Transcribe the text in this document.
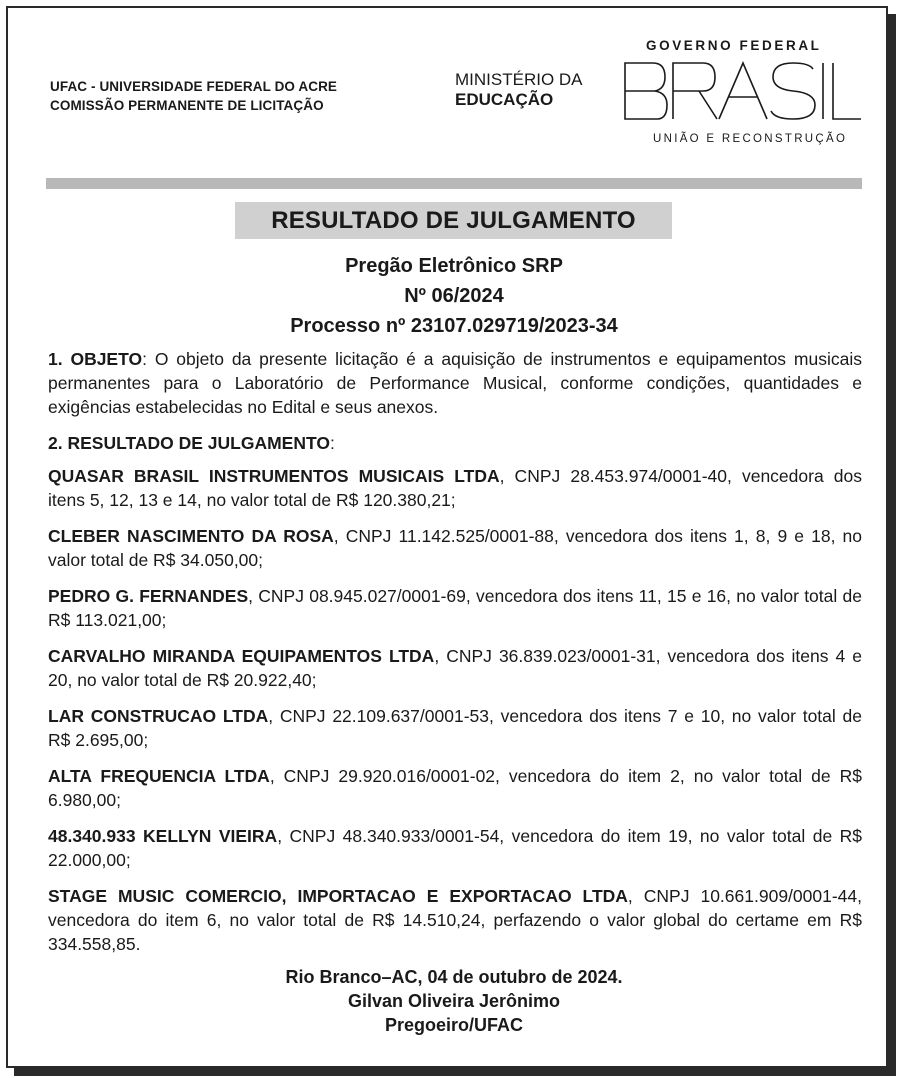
UFAC - UNIVERSIDADE FEDERAL DO ACRE
COMISSÃO PERMANENTE DE LICITAÇÃO
MINISTÉRIO DA
EDUCAÇÃO
GOVERNO FEDERAL
UNIÃO E RECONSTRUÇÃO
RESULTADO DE JULGAMENTO
Pregão Eletrônico SRP
Nº 06/2024
Processo nº 23107.029719/2023-34

1. OBJETO: O objeto da presente licitação é a aquisição de instrumentos e equipamentos musicais permanentes para o Laboratório de Performance Musical, conforme condições, quantidades e exigências estabelecidas no Edital e seus anexos.

2. RESULTADO DE JULGAMENTO:

QUASAR BRASIL INSTRUMENTOS MUSICAIS LTDA, CNPJ 28.453.974/0001-40, vencedora dos itens 5, 12, 13 e 14, no valor total de R$ 120.380,21;

CLEBER NASCIMENTO DA ROSA, CNPJ 11.142.525/0001-88, vencedora dos itens 1, 8, 9 e 18, no valor total de R$ 34.050,00;

PEDRO G. FERNANDES, CNPJ 08.945.027/0001-69, vencedora dos itens 11, 15 e 16, no valor total de R$ 113.021,00;

CARVALHO MIRANDA EQUIPAMENTOS LTDA, CNPJ 36.839.023/0001-31, vencedora dos itens 4 e 20, no valor total de R$ 20.922,40;

LAR CONSTRUCAO LTDA, CNPJ 22.109.637/0001-53, vencedora dos itens 7 e 10, no valor total de R$ 2.695,00;

ALTA FREQUENCIA LTDA, CNPJ 29.920.016/0001-02, vencedora do item 2, no valor total de R$ 6.980,00;

48.340.933 KELLYN VIEIRA, CNPJ 48.340.933/0001-54, vencedora do item 19, no valor total de R$ 22.000,00;

STAGE MUSIC COMERCIO, IMPORTACAO E EXPORTACAO LTDA, CNPJ 10.661.909/0001-44, vencedora do item 6, no valor total de R$ 14.510,24, perfazendo o valor global do certame em R$ 334.558,85.

Rio Branco–AC, 04 de outubro de 2024.
Gilvan Oliveira Jerônimo
Pregoeiro/UFAC
